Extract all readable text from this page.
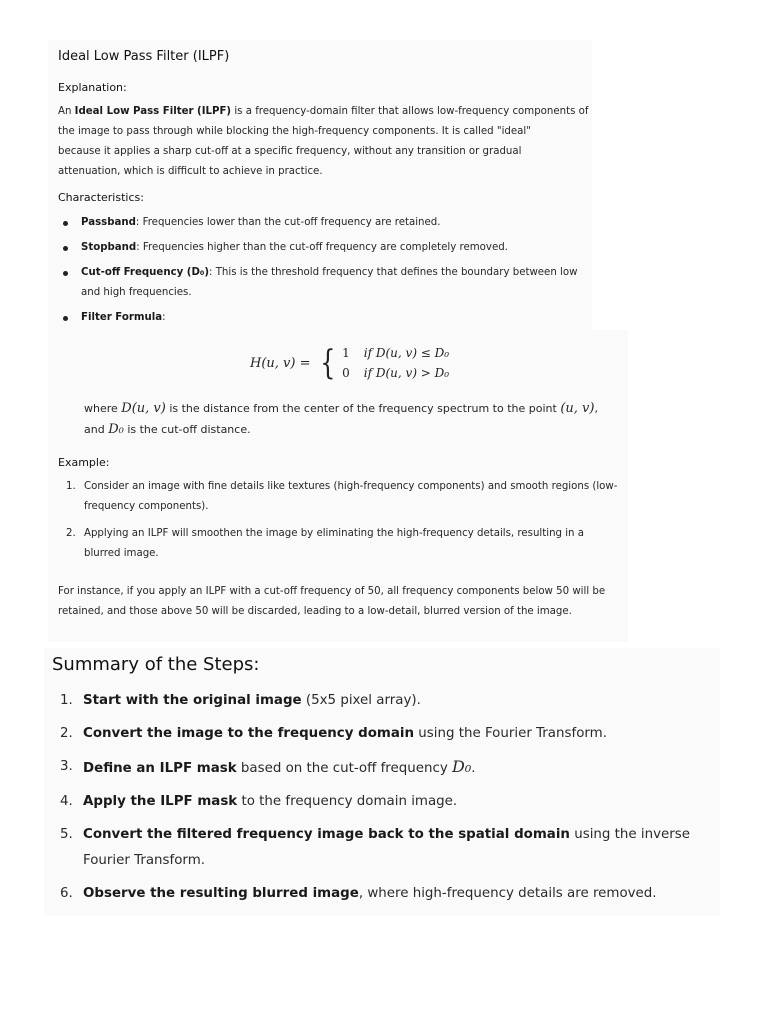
Ideal Low Pass Filter (ILPF)
Explanation:
An Ideal Low Pass Filter (ILPF) is a frequency-domain filter that allows low-frequency components of
the image to pass through while blocking the high-frequency components. It is called "ideal"
because it applies a sharp cut-off at a specific frequency, without any transition or gradual
attenuation, which is difficult to achieve in practice.
Characteristics:
Passband: Frequencies lower than the cut-off frequency are retained.
Stopband: Frequencies higher than the cut-off frequency are completely removed.
Cut-off Frequency (D₀): This is the threshold frequency that defines the boundary between low and high frequencies.
Filter Formula:
H(u, v) = { 1 if D(u, v) ≤ D₀
0 if D(u, v) > D₀
where D(u, v) is the distance from the center of the frequency spectrum to the point (u, v),
and D₀ is the cut-off distance.
Example:
1. Consider an image with fine details like textures (high-frequency components) and smooth regions (low-frequency components).
2. Applying an ILPF will smoothen the image by eliminating the high-frequency details, resulting in a blurred image.
For instance, if you apply an ILPF with a cut-off frequency of 50, all frequency components below 50 will be retained, and those above 50 will be discarded, leading to a low-detail, blurred version of the image.
Summary of the Steps:
1. Start with the original image (5x5 pixel array).
2. Convert the image to the frequency domain using the Fourier Transform.
3. Define an ILPF mask based on the cut-off frequency D₀.
4. Apply the ILPF mask to the frequency domain image.
5. Convert the filtered frequency image back to the spatial domain using the inverse Fourier Transform.
6. Observe the resulting blurred image, where high-frequency details are removed.
